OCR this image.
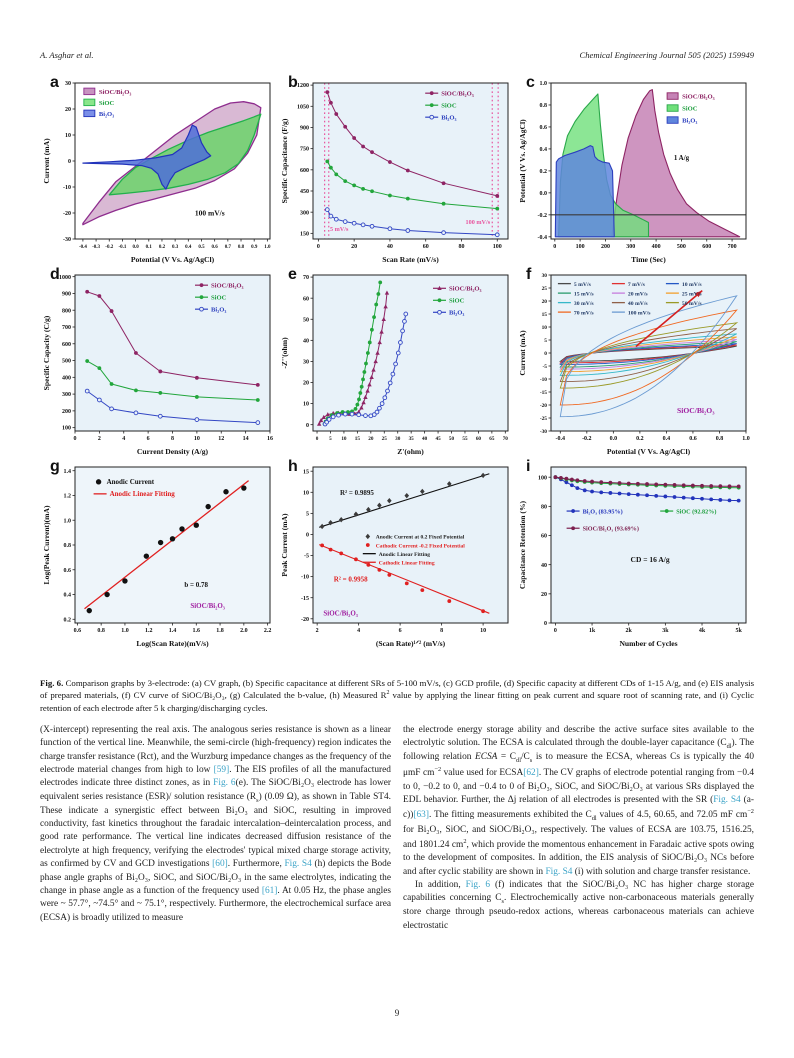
A. Asghar et al.	Chemical Engineering Journal 505 (2025) 159949
a
-0.4 -0.3 -0.2 -0.1 0.0 0.1 0.2 0.3 0.4 0.5 0.6 0.7 0.8 0.9 1.0
-30
-20
-10
0
10
20
30
Potential (V Vs. Ag/AgCl)
Current (mA)
SiOC/Bi₂O₃
SiOC
Bi₂O₃
100 mV/s
b
0	20	40	60	80	100
150
300
450
600
750
900
1050
1200
Scan Rate (mV/s)
Specific Capacitance (F/g)
SiOC/Bi₂O₃
SiOC
Bi₂O₃
5 mV/s
100 mV/s
c
0	100	200	300	400	500	600	700
-0.4
-0.2
0.0
0.2
0.4
0.6
0.8
1.0
Time (Sec)
Potential (V Vs. Ag/AgCl)
SiOC/Bi₂O₃
SiOC
Bi₂O₃
1 A/g
d
0	2	4	6	8	10	12	14	16
100
200
300
400
500
600
700
800
900
1000
Current Density (A/g)
Specific Capacity (C/g)
SiOC/Bi₂O₃
SiOC
Bi₂O₃
e
0 5 10 15 20 25 30 35 40 45 50 55 60 65 70
0
10
20
30
40
50
60
70
Z'(ohm)
-Z''(ohm)
SiOC/Bi₂O₃
SiOC
Bi₂O₃
f
-0.4	-0.2	0.0	0.2	0.4	0.6	0.8	1.0
-30
-25
-20
-15
-10
-5
0
5
10
15
20
25
30
Potential (V Vs. Ag/AgCl)
Current (mA)
5 mV/s	7 mV/s	10 mV/s
15 mV/s	20 mV/s	25 mV/s
30 mV/s	40 mV/s	50 mV/s
70 mV/s	100 mV/s
SiOC/Bi₂O₃
g
0.6	0.8	1.0	1.2	1.4	1.6	1.8	2.0	2.2
0.2
0.4
0.6
0.8
1.0
1.2
1.4
Log(Scan Rate)(mV/s)
Log(Peak Current)(mA)
Anodic Current
Anodic Linear Fitting
b = 0.78
SiOC/Bi₂O₃
h
2	4	6	8	10
-20
-15
-10
-5
0
5
10
15
(Scan Rate)¹ᐟ² (mV/s)
Peak Current (mA)	Anodic Current at 0.2 Fixed Potential
Cathodic Current -0.2 Fixed Potential
Anodic Linear Fitting
Cathodic Linear Fitting
R² = 0.9895
R² = 0.9958
SiOC/Bi₂O₃
i
0	1k	2k	3k	4k	5k
0
20
40
60
80
100
Number of Cycles
Capacitance Retention (%)	Bi₂O₃ (83.95%)	SiOC (92.82%)
SiOC/Bi₂O₃ (93.69%)
CD = 16 A/g

Fig. 6. Comparison graphs by 3-electrode: (a) CV graph, (b) Specific capacitance at different SRs of 5-100 mV/s, (c) GCD profile, (d) Specific capacity at different CDs of 1-15 A/g, and (e) EIS analysis of prepared materials, (f) CV curve of SiOC/Bi₂O₃, (g) Calculated the b-value, (h) Measured $R^2$ value by applying the linear fitting on peak current and square root of scanning rate, and (i) Cyclic retention of each electrode after 5 k charging/discharging cycles.

(X-intercept) representing the real axis. The analogous series resistance is shown as a linear function of the vertical line. Meanwhile, the semi-circle (high-frequency) region indicates the charge transfer resistance (Rct), and the Wurzburg impedance changes as the frequency of the electrode material changes from high to low [59]. The EIS profiles of all the manufactured electrodes indicate three distinct zones, as in Fig. 6(e). The SiOC/Bi₂O₃ electrode has lower equivalent series resistance (ESR)/ solution resistance $(R_s)$ (0.09 Ω), as shown in Table ST4. These indicate a synergistic effect between Bi₂O₃ and SiOC, resulting in improved conductivity, fast kinetics throughout the faradaic intercalation–deintercalation process, and good rate performance. The vertical line indicates decreased diffusion resistance of the electrolyte at high frequency, verifying the electrodes' typical mixed charge storage activity, as confirmed by CV and GCD investigations [60]. Furthermore, Fig. S4 (h) depicts the Bode phase angle graphs of Bi₂O₃, SiOC, and SiOC/Bi₂O₃ in the same electrolytes, indicating the change in phase angle as a function of the frequency used [61]. At 0.05 Hz, the phase angles were ~ 57.7°, ~74.5° and ~ 75.1°, respectively. Furthermore, the electrochemical surface area (ECSA) is broadly utilized to measure

the electrode energy storage ability and describe the active surface sites available to the electrolytic solution. The ECSA is calculated through the double-layer capacitance $(C_{dl})$. The following relation ECSA = $C_{dl}/C_s$ is to measure the ECSA, whereas Cs is typically the 40 μmF $cm^{-2}$ value used for ECSA[62]. The CV graphs of electrode potential ranging from −0.4 to 0, −0.2 to 0, and −0.4 to 0 of Bi₂O₃, SiOC, and SiOC/Bi₂O₃ at various SRs displayed the EDL behavior. Further, the Δj relation of all electrodes is presented with the SR (Fig. S4 (a-c))[63]. The fitting measurements exhibited the $C_{dl}$ values of 4.5, 60.65, and 72.05 mF $cm^{-2}$ for Bi₂O₃, SiOC, and SiOC/Bi₂O₃, respectively. The values of ECSA are 103.75, 1516.25, and 1801.24 $cm^2$, which provide the momentous enhancement in Faradaic active spots owing to the development of composites. In addition, the EIS analysis of SiOC/Bi₂O₃ NCs before and after cyclic stability are shown in Fig. S4 (i) with solution and charge transfer resistance.

In addition, Fig. 6 (f) indicates that the SiOC/Bi₂O₃ NC has higher charge storage capabilities concerning $C_s$. Electrochemically active non-carbonaceous materials generally store charge through pseudo-redox actions, whereas carbonaceous materials can achieve electrostatic

9
